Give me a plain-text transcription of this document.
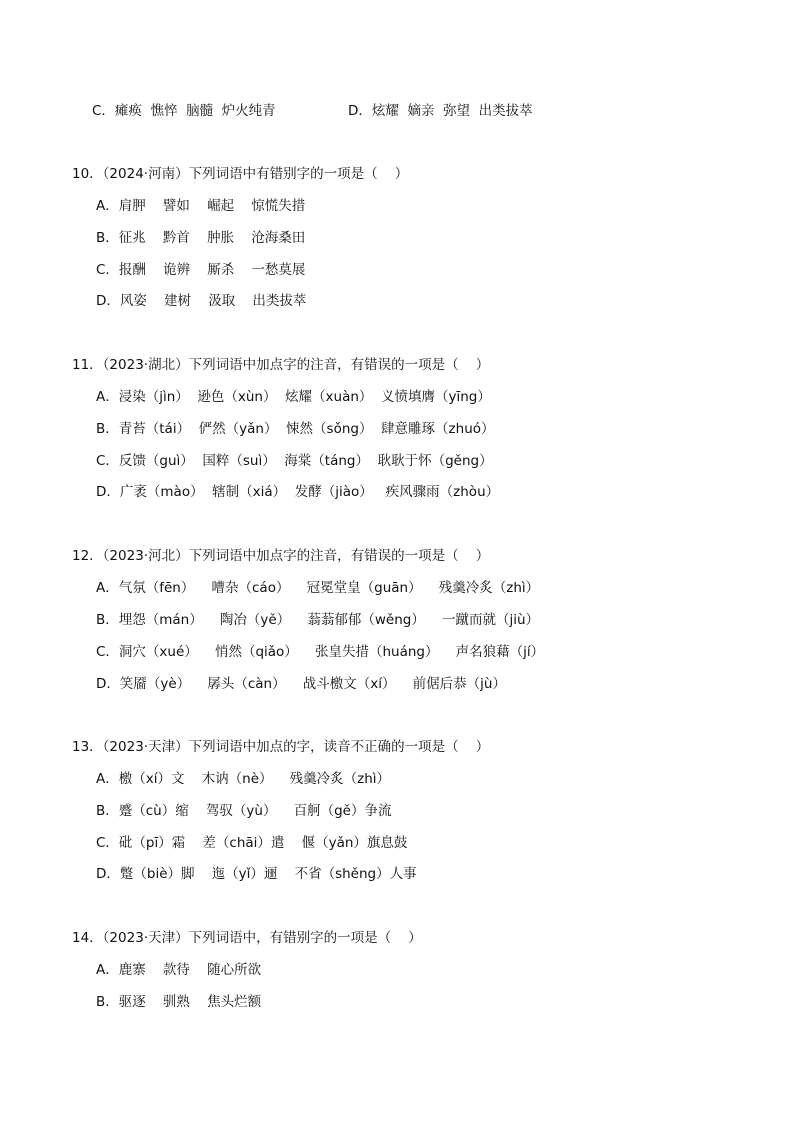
C．瘫痪  憔悴  脑髓  炉火纯青	D．炫耀  嫡亲  弥望  出类拔萃
10．（2024·河南）下列词语中有错别字的一项是（    ）
A．肩胛    譬如    崛起    惊慌失措
B．征兆    黔首    肿胀    沧海桑田
C．报酬    诡辨    厮杀    一愁莫展
D．风姿    建树    汲取    出类拔萃
11．（2023·湖北）下列词语中加点字的注音，有错误的一项是（    ）
A．浸染（jìn）  逊色（xùn）  炫耀（xuàn）  义愤填膺（yīng）
B．青苔（tái）  俨然（yǎn）  悚然（sǒng）  肆意雕琢（zhuó）
C．反馈（guì）  国粹（suì）  海棠（táng）  耿耿于怀（gěng）
D．广袤（mào）  辖制（xiá）  发酵（jiào）   疾风骤雨（zhòu）
12．（2023·河北）下列词语中加点字的注音，有错误的一项是（    ）
A．气氛（fēn）    嘈杂（cáo）    冠冕堂皇（guān）    残羹冷炙（zhì）
B．埋怨（mán）    陶冶（yě）    蓊蓊郁郁（wěng）    一蹴而就（jiù）
C．洞穴（xué）    悄然（qiǎo）    张皇失措（huáng）    声名狼藉（jí）
D．笑靥（yè）    孱头（càn）    战斗檄文（xí）    前倨后恭（jù）
13．（2023·天津）下列词语中加点的字，读音不正确的一项是（    ）
A．檄（xí）文    木讷（nè）    残羹冷炙（zhì）
B．蹙（cù）缩    驾驭（yù）    百舸（gě）争流
C．砒（pī）霜    差（chāi）遣    偃（yǎn）旗息鼓
D．蹩（biè）脚    迤（yǐ）逦    不省（shěng）人事
14．（2023·天津）下列词语中，有错别字的一项是（    ）
A．鹿寨    款待    随心所欲
B．驱逐    驯熟    焦头烂额
